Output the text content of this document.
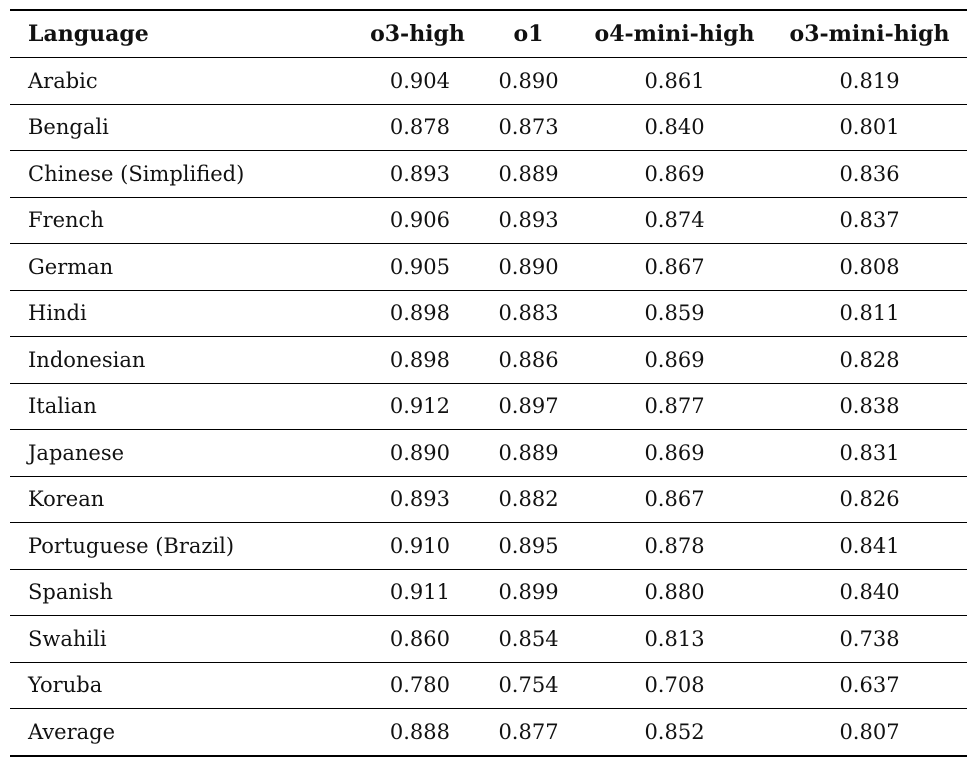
Language	o3-high	o1	o4-mini-high	o3-mini-high
Arabic	0.904	0.890	0.861	0.819
Bengali	0.878	0.873	0.840	0.801
Chinese (Simplified)	0.893	0.889	0.869	0.836
French	0.906	0.893	0.874	0.837
German	0.905	0.890	0.867	0.808
Hindi	0.898	0.883	0.859	0.811
Indonesian	0.898	0.886	0.869	0.828
Italian	0.912	0.897	0.877	0.838
Japanese	0.890	0.889	0.869	0.831
Korean	0.893	0.882	0.867	0.826
Portuguese (Brazil)	0.910	0.895	0.878	0.841
Spanish	0.911	0.899	0.880	0.840
Swahili	0.860	0.854	0.813	0.738
Yoruba	0.780	0.754	0.708	0.637
Average	0.888	0.877	0.852	0.807
